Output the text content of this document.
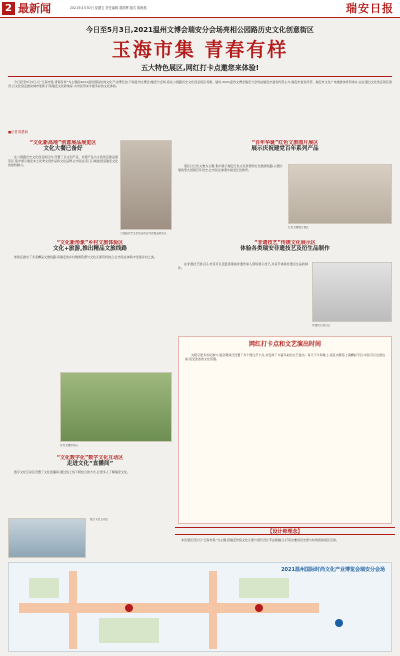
2 最新闻	2021年4月30日 星期五 责任编辑 胡跃辉 版式 陈海燕	瑞安日报
今日至5月3日,2021温州文博会瑞安分会场亮相公园路历史文化创意街区
玉海市集 青春有样
五大特色展区,网红打卡点邀您来体验!
今日起至5月3日,以“玉海市集·青春有样”为主题的2021温州国际时尚文化产业博览会(下称温州文博会)瑞安分会场,将在公园路历史文化创意街区亮相。届时,2021温州文博会瑞安分会场由瑞安市委宣传部主办,瑞安市委宣传部、瑞安市文化广电旅游体育局承办,旨在通过文化创意街区建设,以文化创意推动城市更新,打造瑞安文化新地标,为市民带来丰富多彩的文化体验。
■记者 陈胜旸
“文化新高地”创意展品展览区
文化大餐已备好
在公园路历史文化创意街区内,设置了以文创产品、非遗产品为主的创意展品展览区,集中展示瑞安本土优秀文创作品和文化品牌,让市民在家门口就能感受瑞安文化的独特魅力。
公园路历史文化创意街区内的展品展览区
“百年华诞”红色文旅图片展区
展示庆祝建党百年系列产品
展区以红色文旅为主题,集中展示瑞安红色文化资源和红色旅游线路,以图片展的形式回顾百年党史,让市民在参观中接受红色教育。
红色文旅图片展区
“文化新形象”乡村文旅体验区
文化+旅游,推出精品文旅线路
体验区推出了多条精品文旅线路,将瑞安的乡村旅游资源与文化元素有机结合,让市民在体验中发现乡村之美。
乡村文旅体验区
“非遗技艺”传统文化展示区
体验各类瑞安非遗技艺及衍生品制作
在非遗技艺展示区,市民可以近距离观看非遗传承人现场展示技艺,并亲手体验非遗衍生品的制作。
非遗技艺展示区
网红打卡点和文艺演出时间
为吸引更多市民参与,展会期间还设置了多个网红打卡点,并安排了丰富多彩的文艺演出。每天下午和晚上,街区内都将上演精彩节目,市民可以边逛边看,感受浓浓的文化氛围。
“文化数字化”数字文化互动区
走进文化“直播间”
数字文化互动区设置了文化直播间,通过线上线下相结合的方式,让更多人了解瑞安文化。
数字文化互动区
【设计师理念】
本次展区设计以“玉海市集”为主题,将瑞安传统文化元素与现代设计手法相融合,打造出兼具历史感与时尚感的街区空间。
2021温州国际时尚文化产业博览会瑞安分会场
